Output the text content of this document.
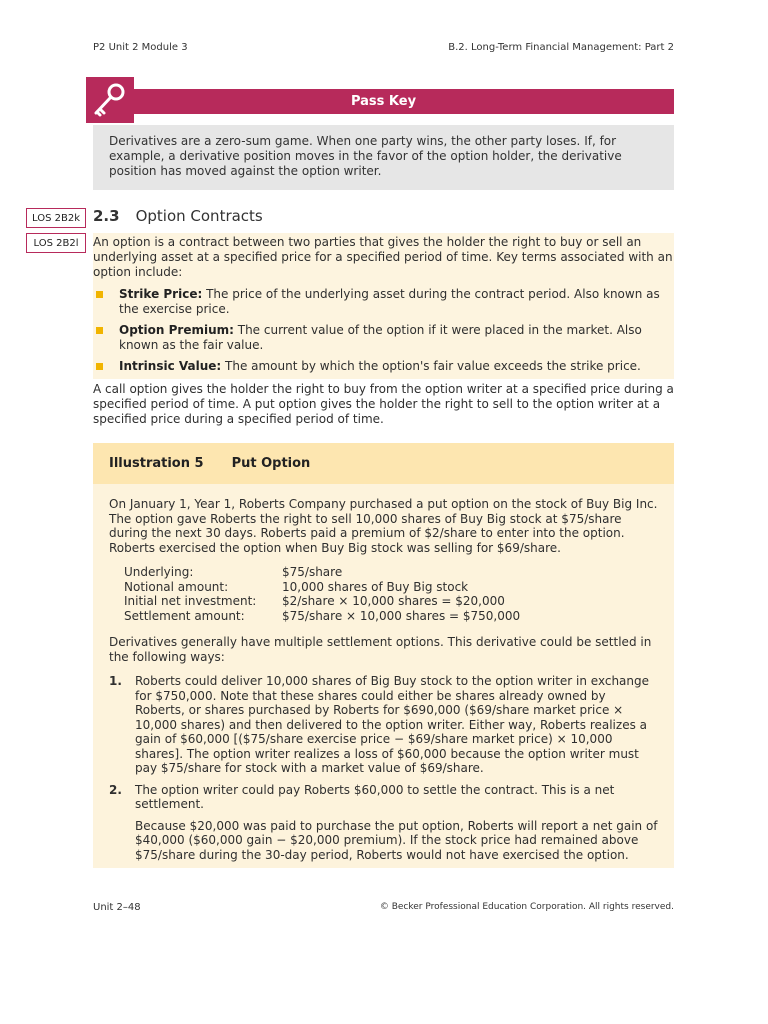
P2 Unit 2 Module 3	B.2. Long-Term Financial Management: Part 2
Pass Key
Derivatives are a zero-sum game. When one party wins, the other party loses. If, for example, a derivative position moves in the favor of the option holder, the derivative position has moved against the option writer.
LOS 2B2k
LOS 2B2l
2.3 Option Contracts
An option is a contract between two parties that gives the holder the right to buy or sell an underlying asset at a specified price for a specified period of time. Key terms associated with an option include:
Strike Price: The price of the underlying asset during the contract period. Also known as the exercise price.
Option Premium: The current value of the option if it were placed in the market. Also known as the fair value.
Intrinsic Value: The amount by which the option's fair value exceeds the strike price.
A call option gives the holder the right to buy from the option writer at a specified price during a specified period of time. A put option gives the holder the right to sell to the option writer at a specified price during a specified period of time.
Illustration 5 Put Option

On January 1, Year 1, Roberts Company purchased a put option on the stock of Buy Big Inc. The option gave Roberts the right to sell 10,000 shares of Buy Big stock at $75/share during the next 30 days. Roberts paid a premium of $2/share to enter into the option. Roberts exercised the option when Buy Big stock was selling for $69/share.

Underlying:	$75/share
Notional amount:	10,000 shares of Buy Big stock
Initial net investment:	$2/share × 10,000 shares = $20,000
Settlement amount:	$75/share × 10,000 shares = $750,000

Derivatives generally have multiple settlement options. This derivative could be settled in the following ways:

1. Roberts could deliver 10,000 shares of Big Buy stock to the option writer in exchange for $750,000. Note that these shares could either be shares already owned by Roberts, or shares purchased by Roberts for $690,000 ($69/share market price × 10,000 shares) and then delivered to the option writer. Either way, Roberts realizes a gain of $60,000 [($75/share exercise price − $69/share market price) × 10,000 shares]. The option writer realizes a loss of $60,000 because the option writer must pay $75/share for stock with a market value of $69/share.
2. The option writer could pay Roberts $60,000 to settle the contract. This is a net settlement.

Because $20,000 was paid to purchase the put option, Roberts will report a net gain of $40,000 ($60,000 gain − $20,000 premium). If the stock price had remained above $75/share during the 30-day period, Roberts would not have exercised the option.

Unit 2–48	© Becker Professional Education Corporation. All rights reserved.
